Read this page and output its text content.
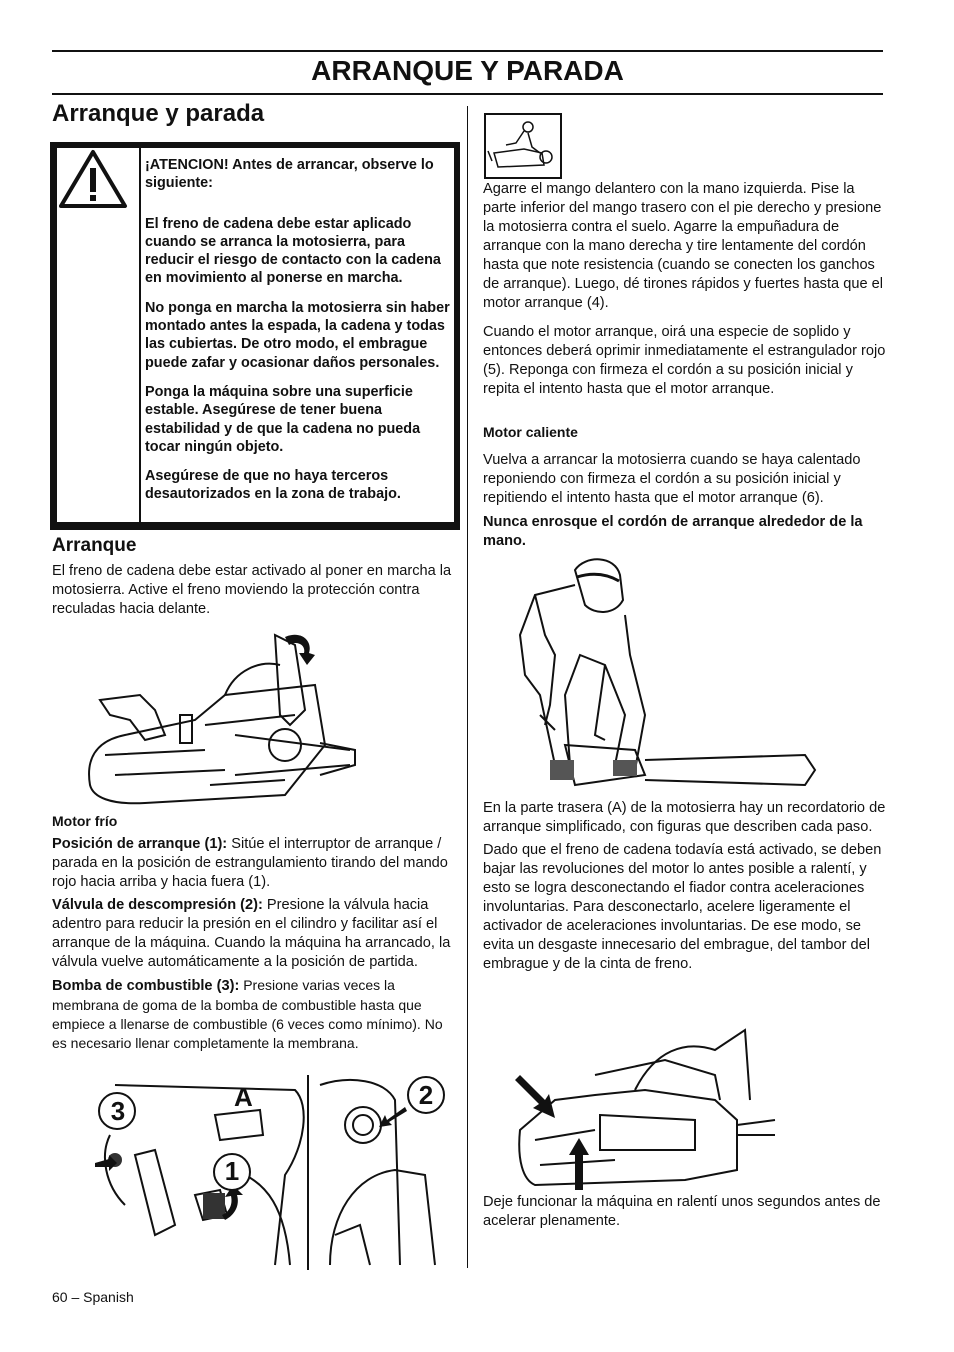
ARRANQUE Y PARADA
Arranque y parada

¡ATENCION! Antes de arrancar, observe lo siguiente:

El freno de cadena debe estar aplicado cuando se arranca la motosierra, para reducir el riesgo de contacto con la cadena en movimiento al ponerse en marcha.

No ponga en marcha la motosierra sin haber montado antes la espada, la cadena y todas las cubiertas. De otro modo, el embrague puede zafar y ocasionar daños personales.

Ponga la máquina sobre una superficie estable. Asegúrese de tener buena estabilidad y de que la cadena no pueda tocar ningún objeto.

Asegúrese de que no haya terceros desautorizados en la zona de trabajo.

Arranque
El freno de cadena debe estar activado al poner en marcha la motosierra. Active el freno moviendo la protección contra reculadas hacia delante.
Motor frío

Posición de arranque (1): Sitúe el interruptor de arranque / parada en la posición de estrangulamiento tirando del mando rojo hacia arriba y hacia fuera (1).

Válvula de descompresión (2): Presione la válvula hacia adentro para reducir la presión en el cilindro y facilitar así el arranque de la máquina. Cuando la máquina ha arrancado, la válvula vuelve automáticamente a la posición de partida.

Bomba de combustible (3): Presione varias veces la membrana de goma de la bomba de combustible hasta que empiece a llenarse de combustible (6 veces como mínimo). No es necesario llenar completamente la membrana.

3	A
1
2

Agarre el mango delantero con la mano izquierda. Pise la parte inferior del mango trasero con el pie derecho y presione la motosierra contra el suelo. Agarre la empuñadura de arranque con la mano derecha y tire lentamente del cordón hasta que note resistencia (cuando se conecten los ganchos de arranque). Luego, dé tirones rápidos y fuertes hasta que el motor arranque (4).

Cuando el motor arranque, oirá una especie de soplido y entonces deberá oprimir inmediatamente el estrangulador rojo (5). Reponga con firmeza el cordón a su posición inicial y repita el intento hasta que el motor arranque.

Motor caliente
Vuelva a arrancar la motosierra cuando se haya calentado reponiendo con firmeza el cordón a su posición inicial y repitiendo el intento hasta que el motor arranque (6).
Nunca enrosque el cordón de arranque alrededor de la mano.

En la parte trasera (A) de la motosierra hay un recordatorio de arranque simplificado, con figuras que describen cada paso.

Dado que el freno de cadena todavía está activado, se deben bajar las revoluciones del motor lo antes posible a ralentí, y esto se logra desconectando el fiador contra aceleraciones involuntarias. Para desconectarlo, acelere ligeramente el activador de aceleraciones involuntarias. De ese modo, se evita un desgaste innecesario del embrague, del tambor del embrague y de la cinta de freno.

Deje funcionar la máquina en ralentí unos segundos antes de acelerar plenamente.
60 – Spanish
